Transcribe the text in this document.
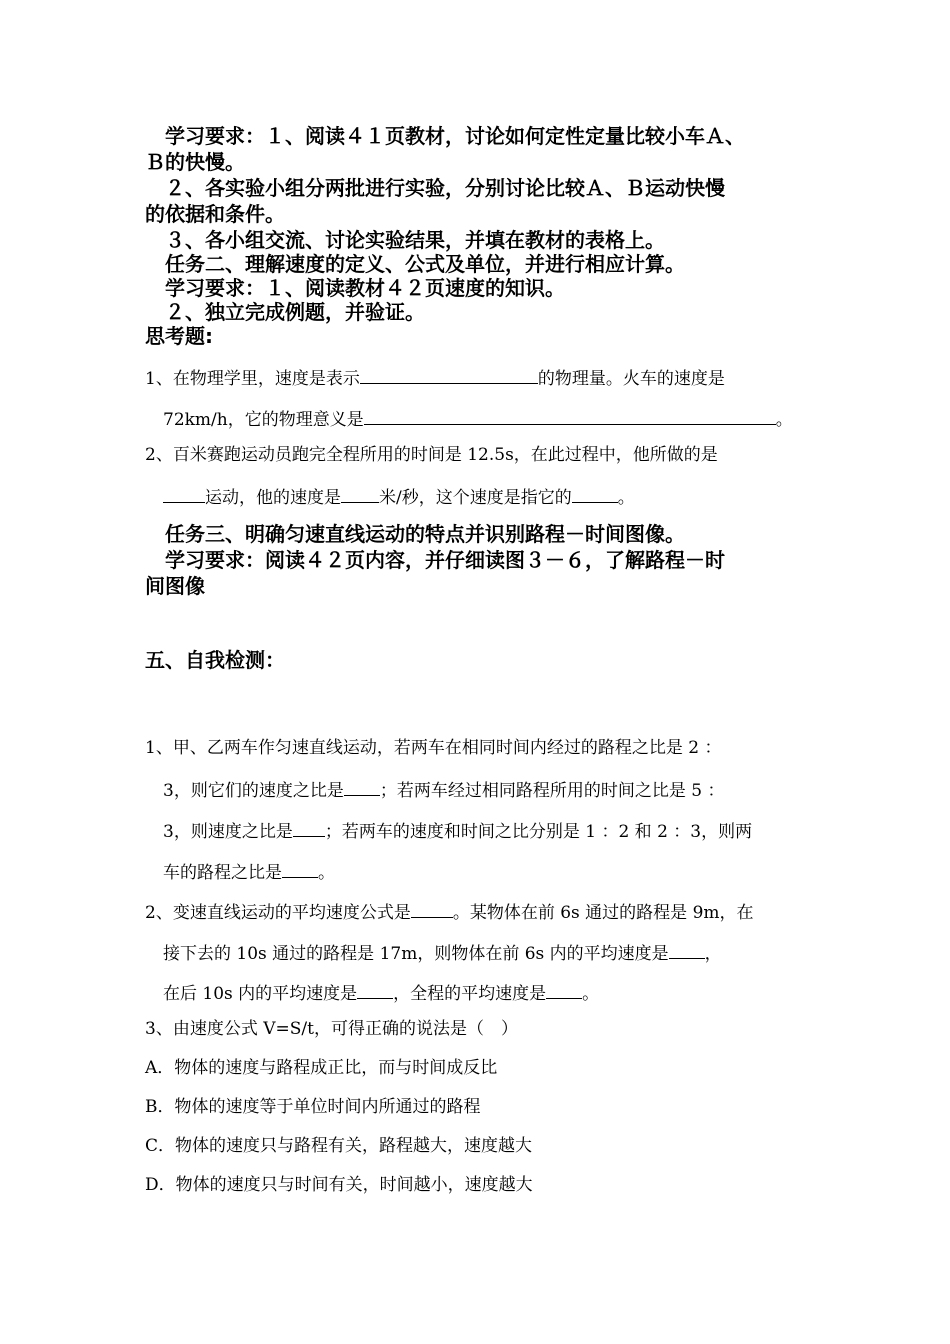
　学习要求：１、阅读４１页教材，讨论如何定性定量比较小车Ａ、
Ｂ的快慢。
　２、各实验小组分两批进行实验，分别讨论比较Ａ、Ｂ运动快慢
的依据和条件。
　３、各小组交流、讨论实验结果，并填在教材的表格上。
　任务二、理解速度的定义、公式及单位，并进行相应计算。
　学习要求：１、阅读教材４２页速度的知识。
　２、独立完成例题，并验证。
思考题:
1、在物理学里，速度是表示	的物理量。火车的速度是
72km/h，它的物理意义是	。
2、百米赛跑运动员跑完全程所用的时间是 12.5s，在此过程中，他所做的是
运动，他的速度是 米/秒，这个速度是指它的	。
　任务三、明确匀速直线运动的特点并识别路程－时间图像。
　学习要求：阅读４２页内容，并仔细读图３－６，了解路程－时
间图像
五、自我检测：
1、甲、乙两车作匀速直线运动，若两车在相同时间内经过的路程之比是 2 ：
3，则它们的速度之比是 ；若两车经过相同路程所用的时间之比是 5 ：
3，则速度之比是 ；若两车的速度和时间之比分别是 1 ：2 和 2 ：3，则两
车的路程之比是 。
2、变速直线运动的平均速度公式是 。某物体在前 6s 通过的路程是 9m，在
接下去的 10s 通过的路程是 17m，则物体在前 6s 内的平均速度是 ，
在后 10s 内的平均速度是 ，全程的平均速度是 。
3、由速度公式 V=S/t，可得正确的说法是（　）
A．物体的速度与路程成正比，而与时间成反比
B．物体的速度等于单位时间内所通过的路程
C．物体的速度只与路程有关，路程越大，速度越大
D．物体的速度只与时间有关，时间越小，速度越大
